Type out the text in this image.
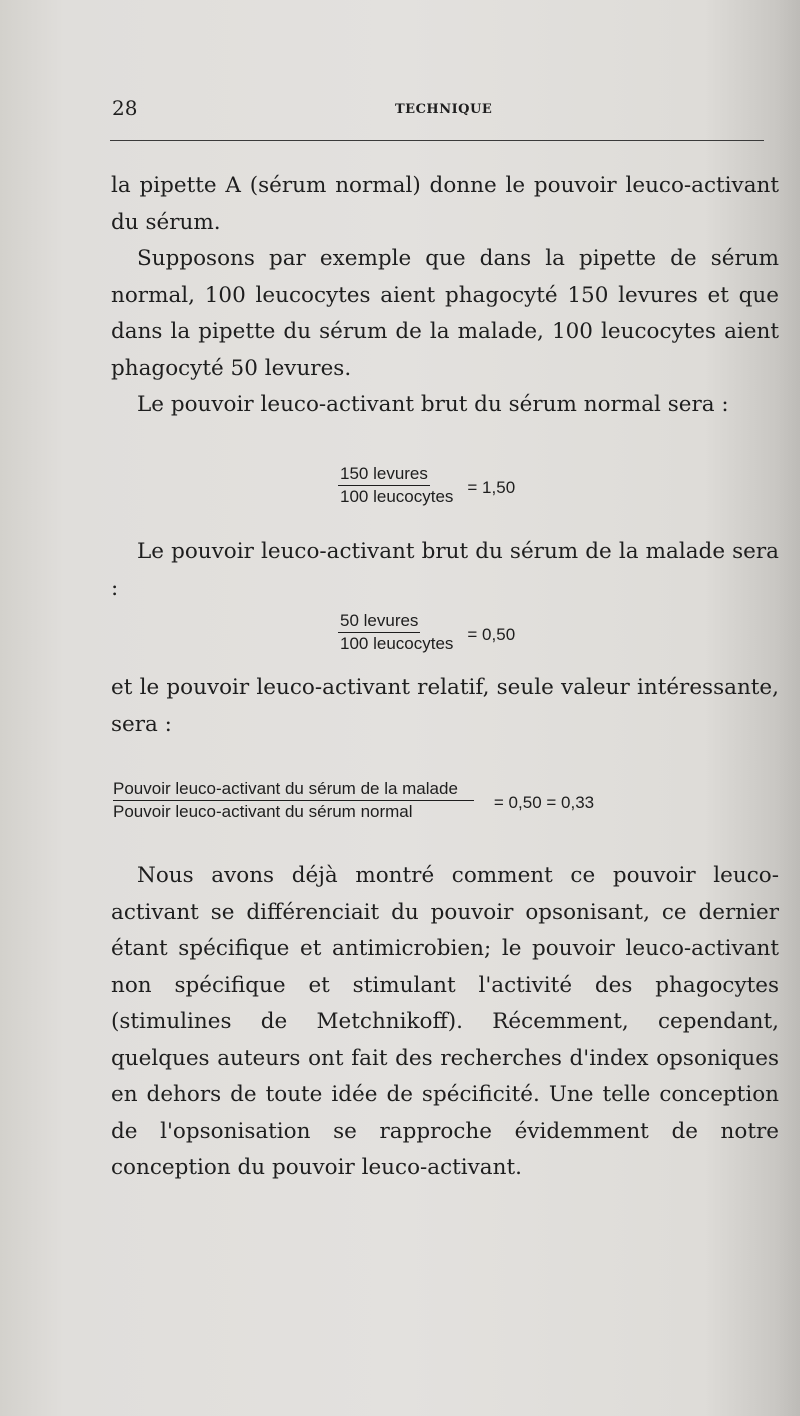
28	TECHNIQUE

la pipette A (sérum normal) donne le pouvoir leuco-activant du sérum.

Supposons par exemple que dans la pipette de sérum normal, 100 leucocytes aient phagocyté 150 levures et que dans la pipette du sérum de la malade, 100 leucocytes aient phagocyté 50 levures.

Le pouvoir leuco-activant brut du sérum normal sera :

$\frac{\text{150 levures}}{\text{100 leucocytes}} = 1,50$

Le pouvoir leuco-activant brut du sérum de la malade sera :

$\frac{\text{50 levures}}{\text{100 leucocytes}} = 0,50$

et le pouvoir leuco-activant relatif, seule valeur intéressante, sera :

$\frac{\text{Pouvoir leuco-activant du sérum de la malade}}{\text{Pouvoir leuco-activant du sérum normal}} = 0,50 = 0,33$

Nous avons déjà montré comment ce pouvoir leuco-activant se différenciait du pouvoir opsonisant, ce dernier étant spécifique et antimicrobien; le pouvoir leuco-activant non spécifique et stimulant l'activité des phagocytes (stimulines de Metchnikoff). Récemment, cependant, quelques auteurs ont fait des recherches d'index opsoniques en dehors de toute idée de spécificité. Une telle conception de l'opsonisation se rapproche évidemment de notre conception du pouvoir leuco-activant.
